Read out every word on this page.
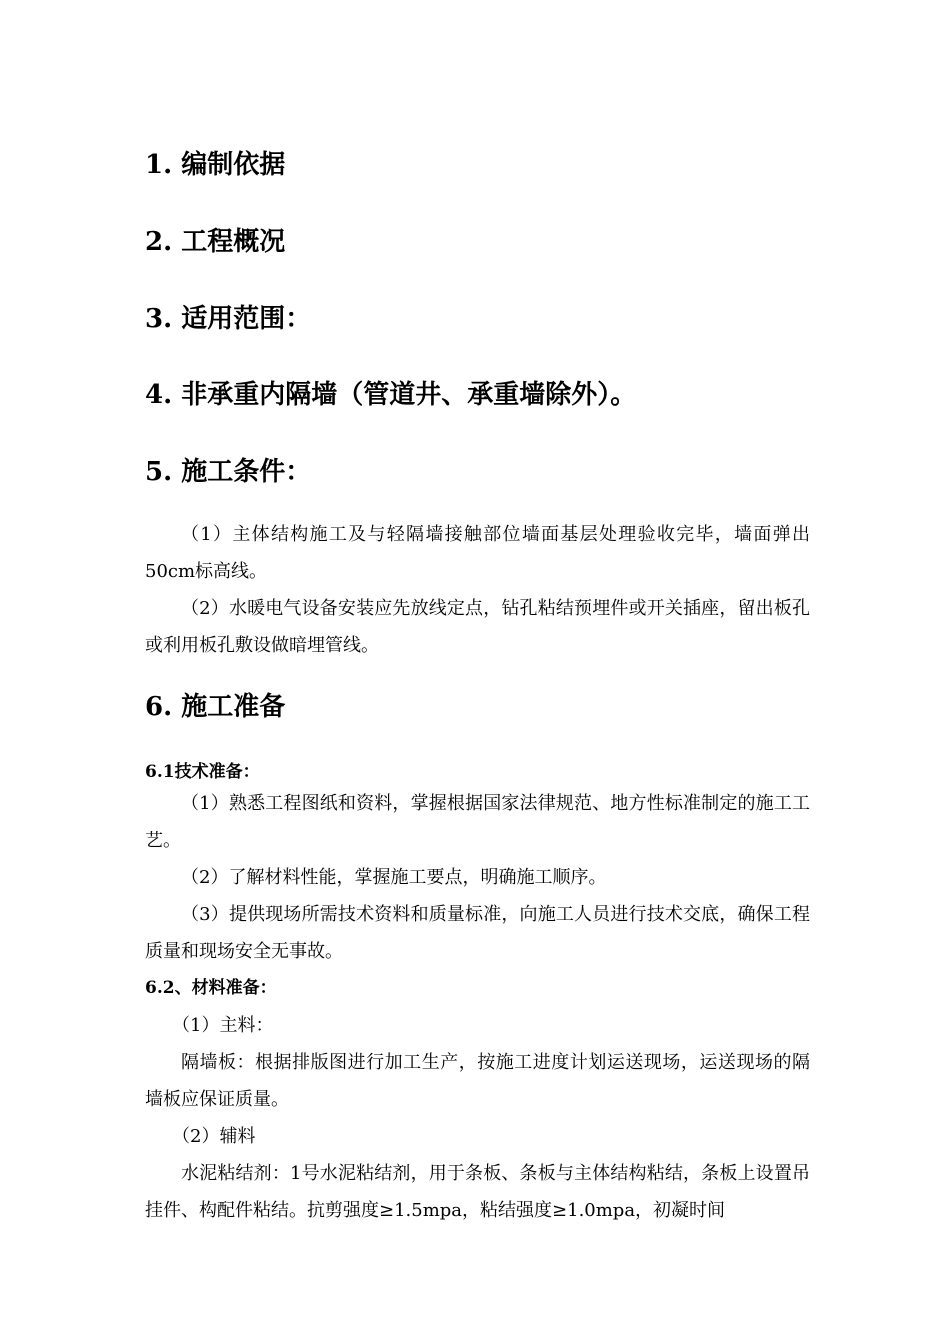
1. 编制依据
2. 工程概况
3. 适用范围：
4. 非承重内隔墙（管道井、承重墙除外）。
5. 施工条件：

（1）主体结构施工及与轻隔墙接触部位墙面基层处理验收完毕，墙面弹出50cm标高线。

（2）水暖电气设备安装应先放线定点，钻孔粘结预埋件或开关插座，留出板孔或利用板孔敷设做暗埋管线。

6. 施工准备
6.1技术准备：

（1）熟悉工程图纸和资料，掌握根据国家法律规范、地方性标准制定的施工工艺。

（2）了解材料性能，掌握施工要点，明确施工顺序。

（3）提供现场所需技术资料和质量标准，向施工人员进行技术交底，确保工程质量和现场安全无事故。

6.2、材料准备：

（1）主料：

隔墙板：根据排版图进行加工生产，按施工进度计划运送现场，运送现场的隔墙板应保证质量。

（2）辅料

水泥粘结剂：1号水泥粘结剂，用于条板、条板与主体结构粘结，条板上设置吊挂件、构配件粘结。抗剪强度≥1.5mpa，粘结强度≥1.0mpa，初凝时间
